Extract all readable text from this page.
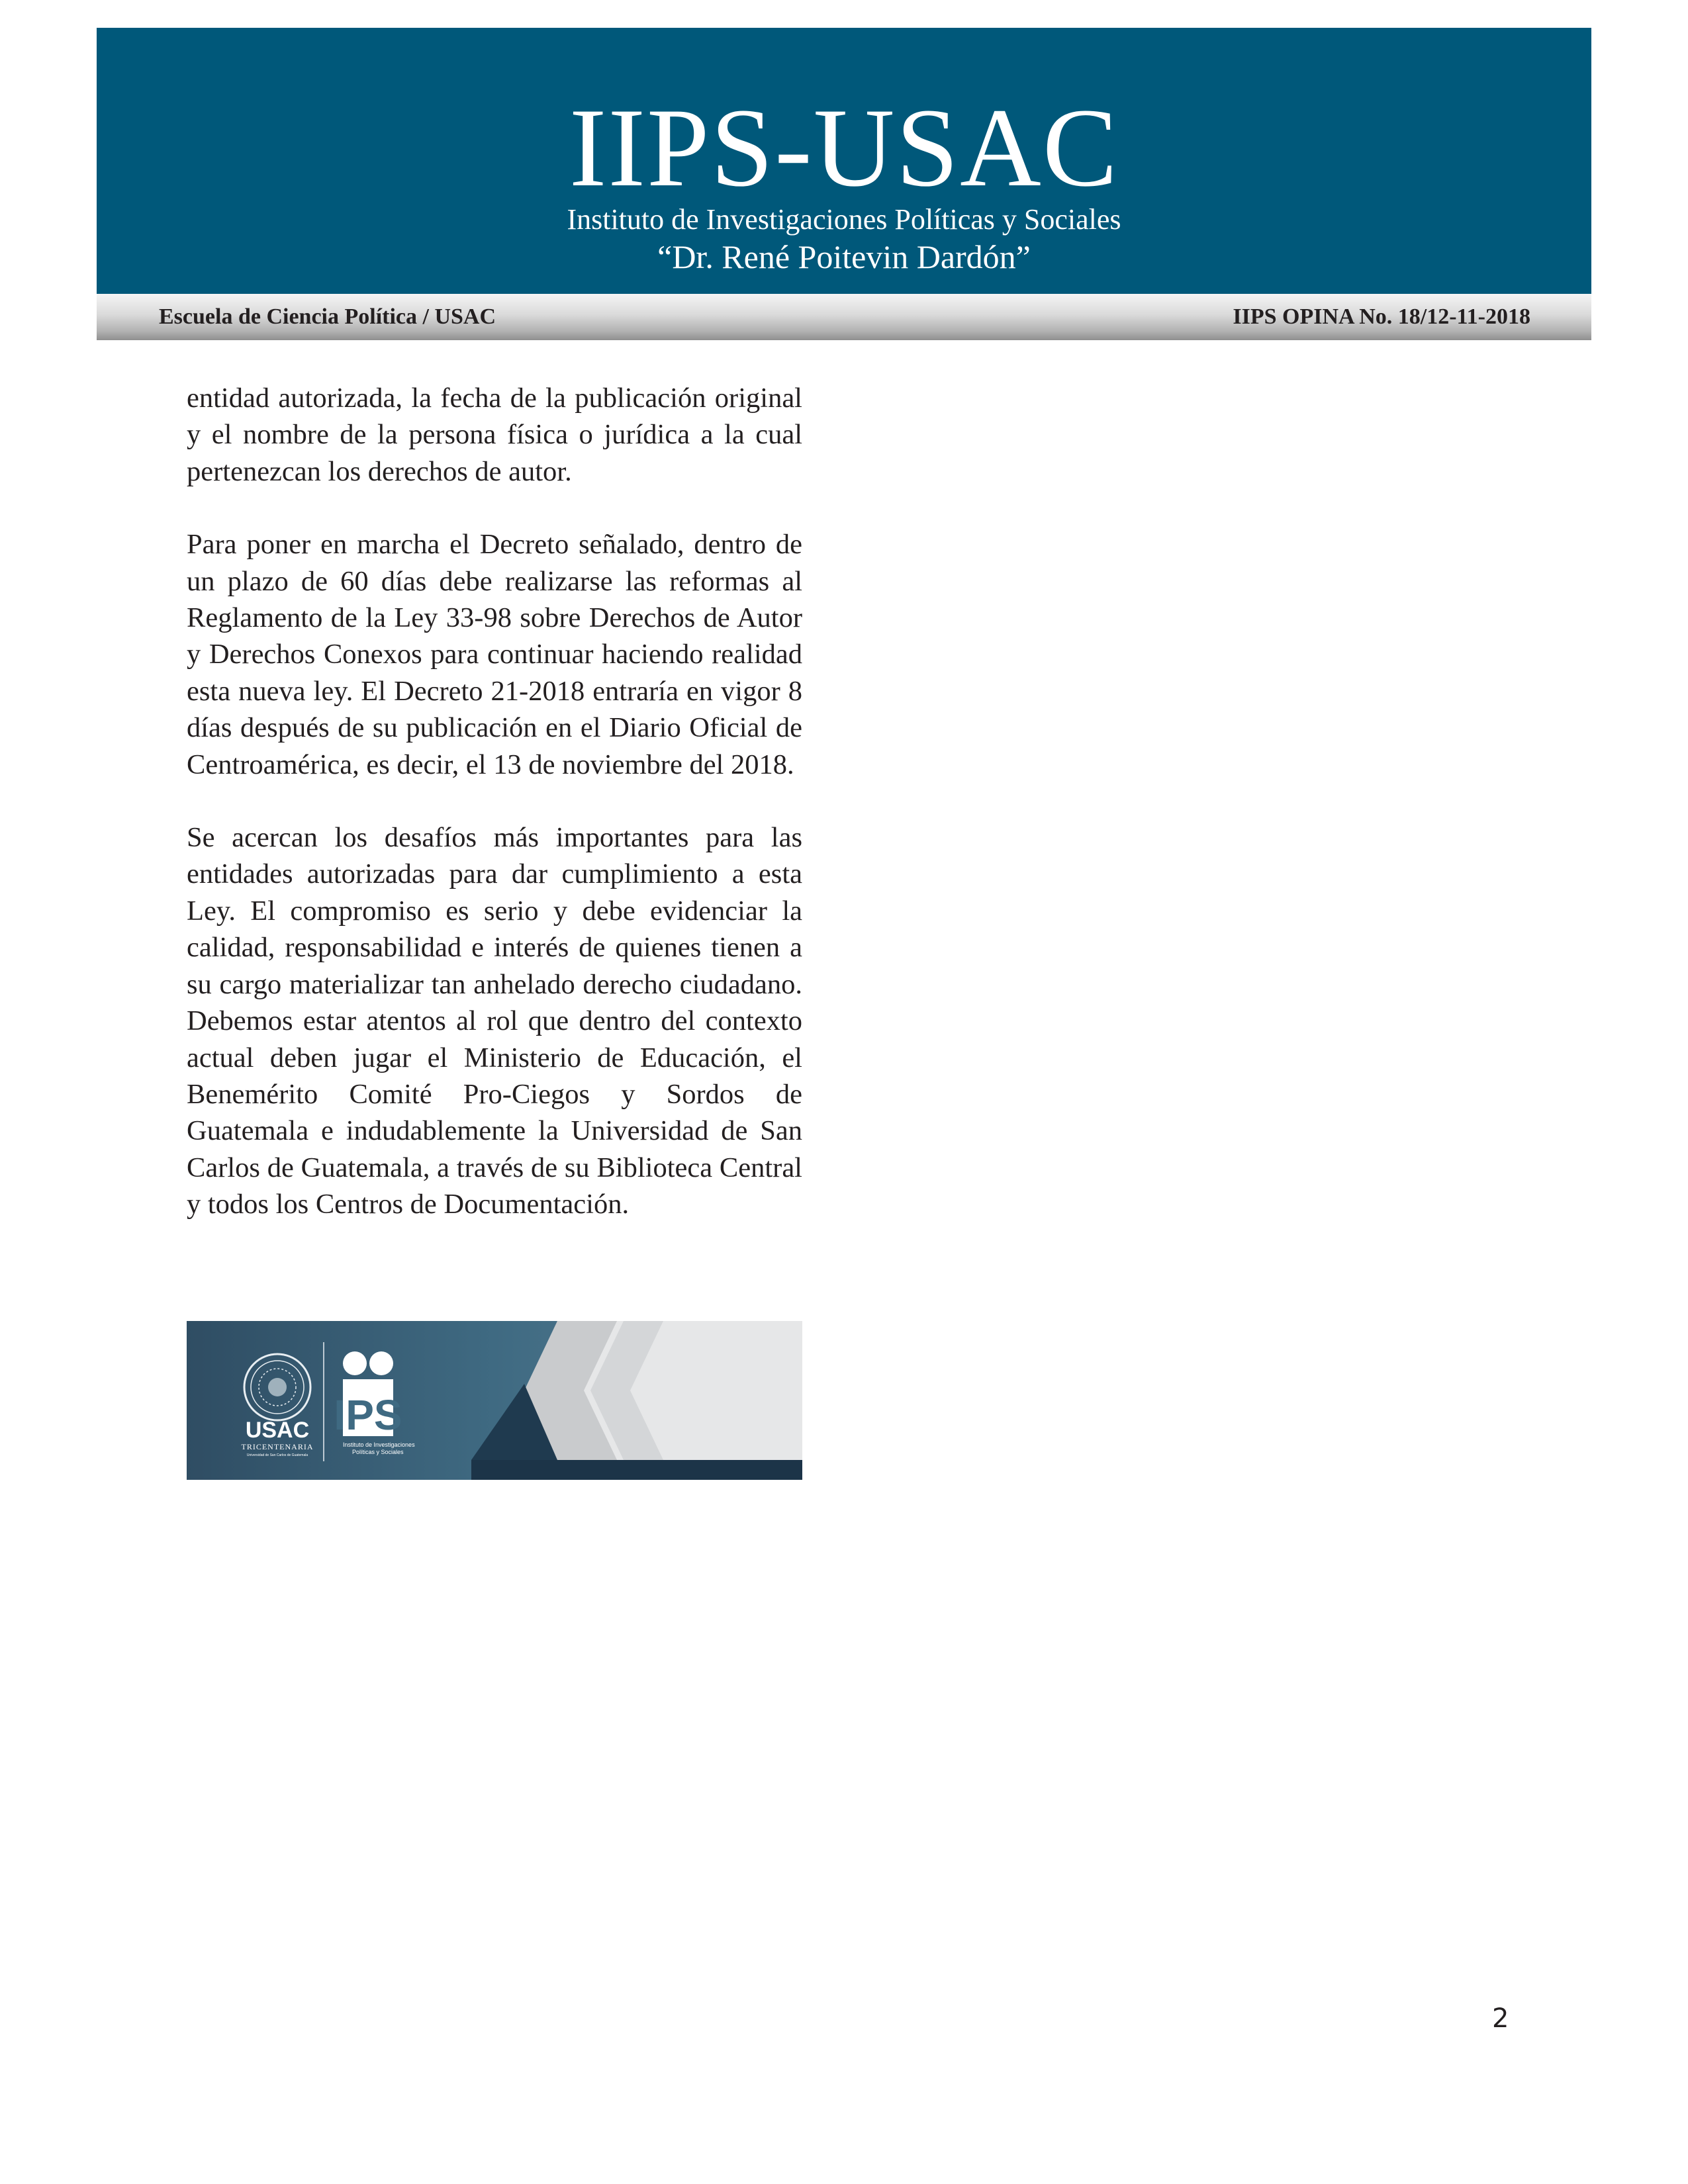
IIPS-USAC
Instituto de Investigaciones Políticas y Sociales
“Dr. René Poitevin Dardón”
Escuela de Ciencia Política / USAC	IIPS OPINA No. 18/12-11-2018

entidad autorizada, la fecha de la publicación original y el nombre de la persona física o jurídica a la cual pertenezcan los derechos de autor.

Para poner en marcha el Decreto señalado, dentro de un plazo de 60 días debe realizarse las reformas al Reglamento de la Ley 33-98 sobre Derechos de Autor y Derechos Conexos para continuar haciendo realidad esta nueva ley. El Decreto 21-2018 entraría en vigor 8 días después de su publicación en el Diario Oficial de Centroamérica, es decir, el 13 de noviembre del 2018.

Se acercan los desafíos más importantes para las entidades autorizadas para dar cumplimiento a esta Ley. El compromiso es serio y debe evidenciar la calidad, responsabilidad e interés de quienes tienen a su cargo materializar tan anhelado derecho ciudadano. Debemos estar atentos al rol que dentro del contexto actual deben jugar el Ministerio de Educación, el Benemérito Comité Pro-Ciegos y Sordos de Guatemala e indudablemente la Universidad de San Carlos de Guatemala, a través de su Biblioteca Central y todos los Centros de Documentación.

USAC
TRICENTENARIA
Universidad de San Carlos de Guatemala
IPS
Instituto de Investigaciones
Políticas y Sociales
2
